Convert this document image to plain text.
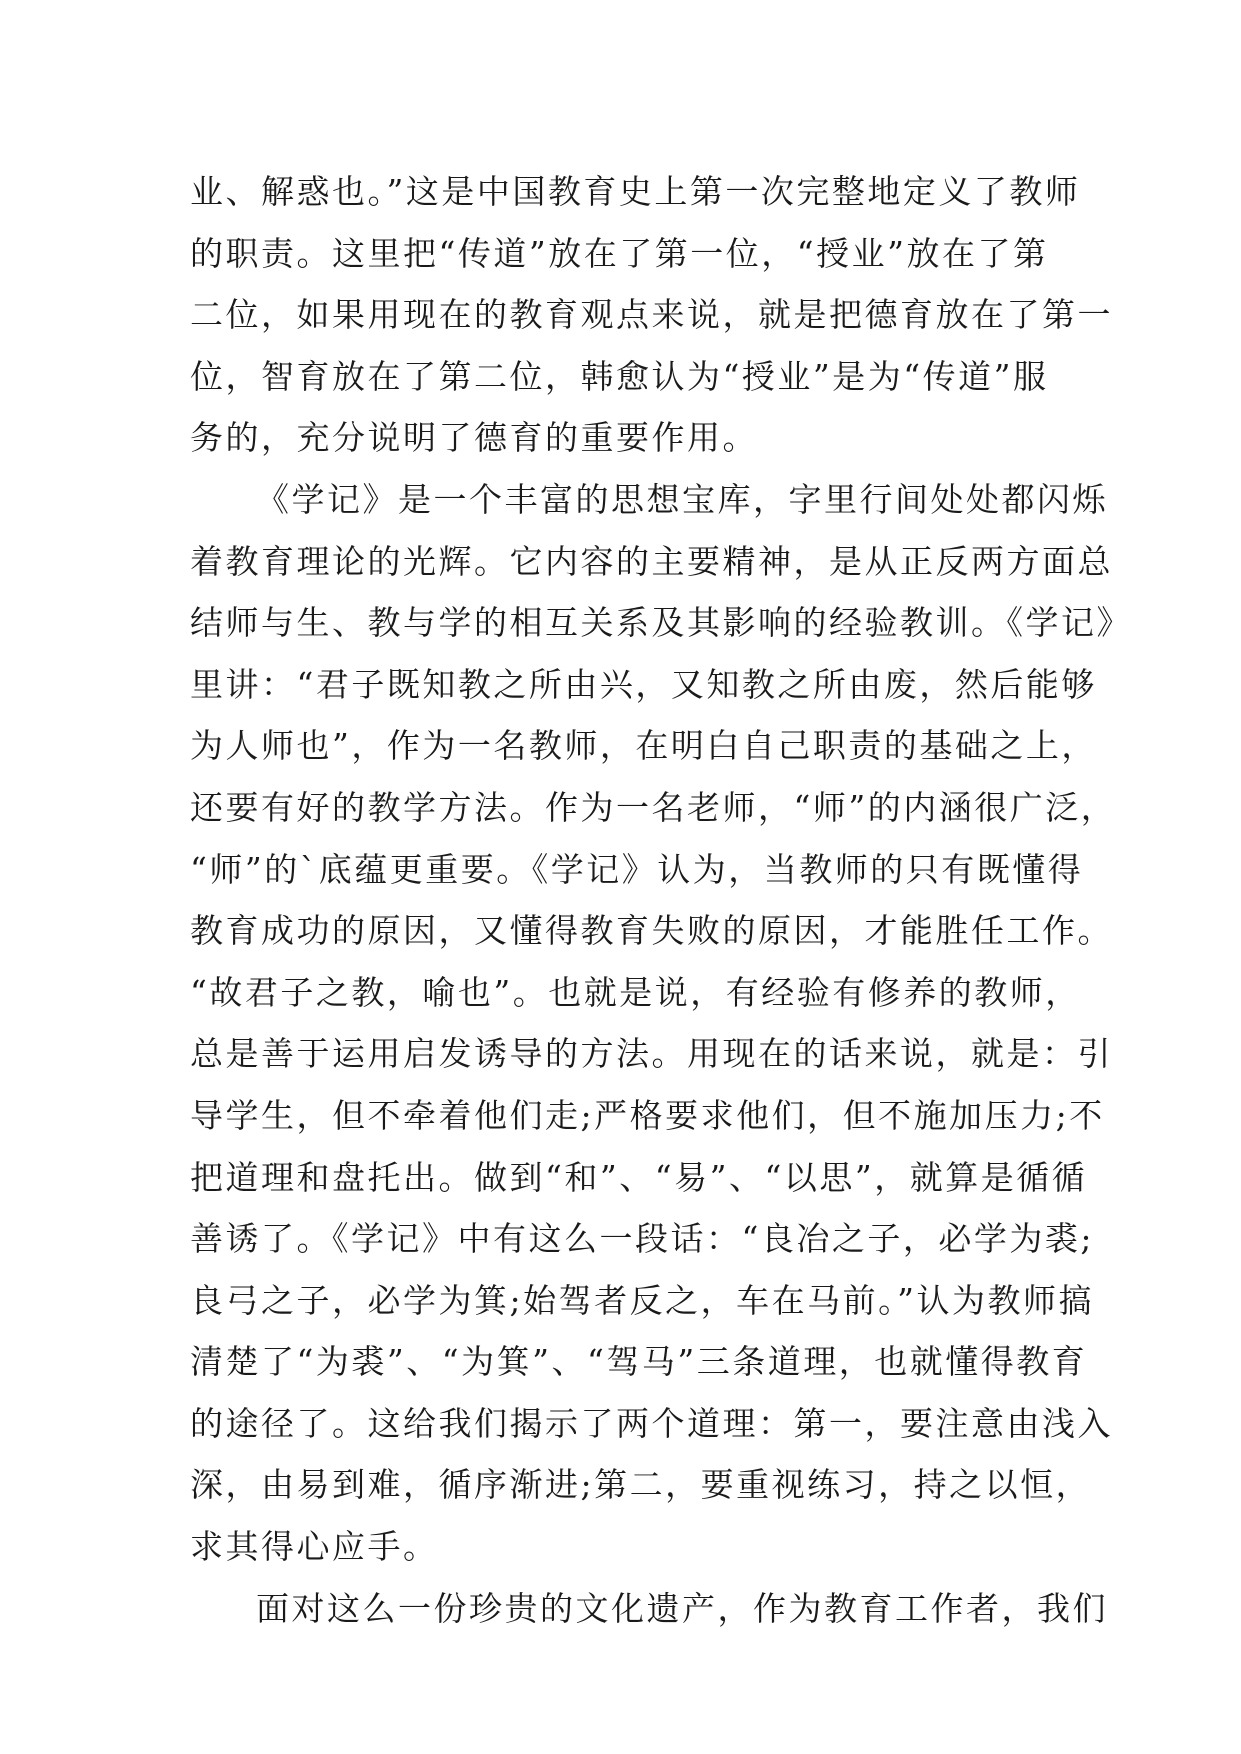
业、解惑也。”这是中国教育史上第一次完整地定义了教师
的职责。这里把“传道”放在了第一位，“授业”放在了第
二位，如果用现在的教育观点来说，就是把德育放在了第一
位，智育放在了第二位，韩愈认为“授业”是为“传道”服
务的，充分说明了德育的重要作用。
《学记》是一个丰富的思想宝库，字里行间处处都闪烁
着教育理论的光辉。它内容的主要精神，是从正反两方面总
结师与生、教与学的相互关系及其影响的经验教训。《学记》
里讲：“君子既知教之所由兴，又知教之所由废，然后能够
为人师也”，作为一名教师，在明白自己职责的基础之上，
还要有好的教学方法。作为一名老师，“师”的内涵很广泛，
“师”的`底蕴更重要。《学记》认为，当教师的只有既懂得
教育成功的原因，又懂得教育失败的原因，才能胜任工作。
“故君子之教，喻也”。也就是说，有经验有修养的教师，
总是善于运用启发诱导的方法。用现在的话来说，就是：引
导学生，但不牵着他们走;严格要求他们，但不施加压力;不
把道理和盘托出。做到“和”、“易”、“以思”，就算是循循
善诱了。《学记》中有这么一段话：“良冶之子，必学为裘;
良弓之子，必学为箕;始驾者反之，车在马前。”认为教师搞
清楚了“为裘”、“为箕”、“驾马”三条道理，也就懂得教育
的途径了。这给我们揭示了两个道理：第一，要注意由浅入
深，由易到难，循序渐进;第二，要重视练习，持之以恒，
求其得心应手。
面对这么一份珍贵的文化遗产，作为教育工作者，我们
